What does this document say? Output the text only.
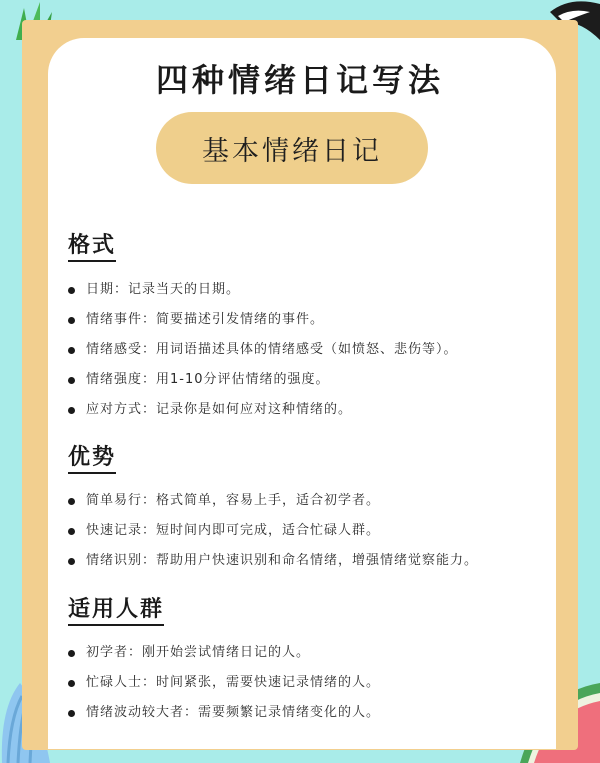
四种情绪日记写法
基本情绪日记
格式
日期：记录当天的日期。
情绪事件：简要描述引发情绪的事件。
情绪感受：用词语描述具体的情绪感受（如愤怒、悲伤等）。
情绪强度：用1-10分评估情绪的强度。
应对方式：记录你是如何应对这种情绪的。
优势
简单易行：格式简单，容易上手，适合初学者。
快速记录：短时间内即可完成，适合忙碌人群。
情绪识别：帮助用户快速识别和命名情绪，增强情绪觉察能力。
适用人群
初学者：刚开始尝试情绪日记的人。
忙碌人士：时间紧张，需要快速记录情绪的人。
情绪波动较大者：需要频繁记录情绪变化的人。
